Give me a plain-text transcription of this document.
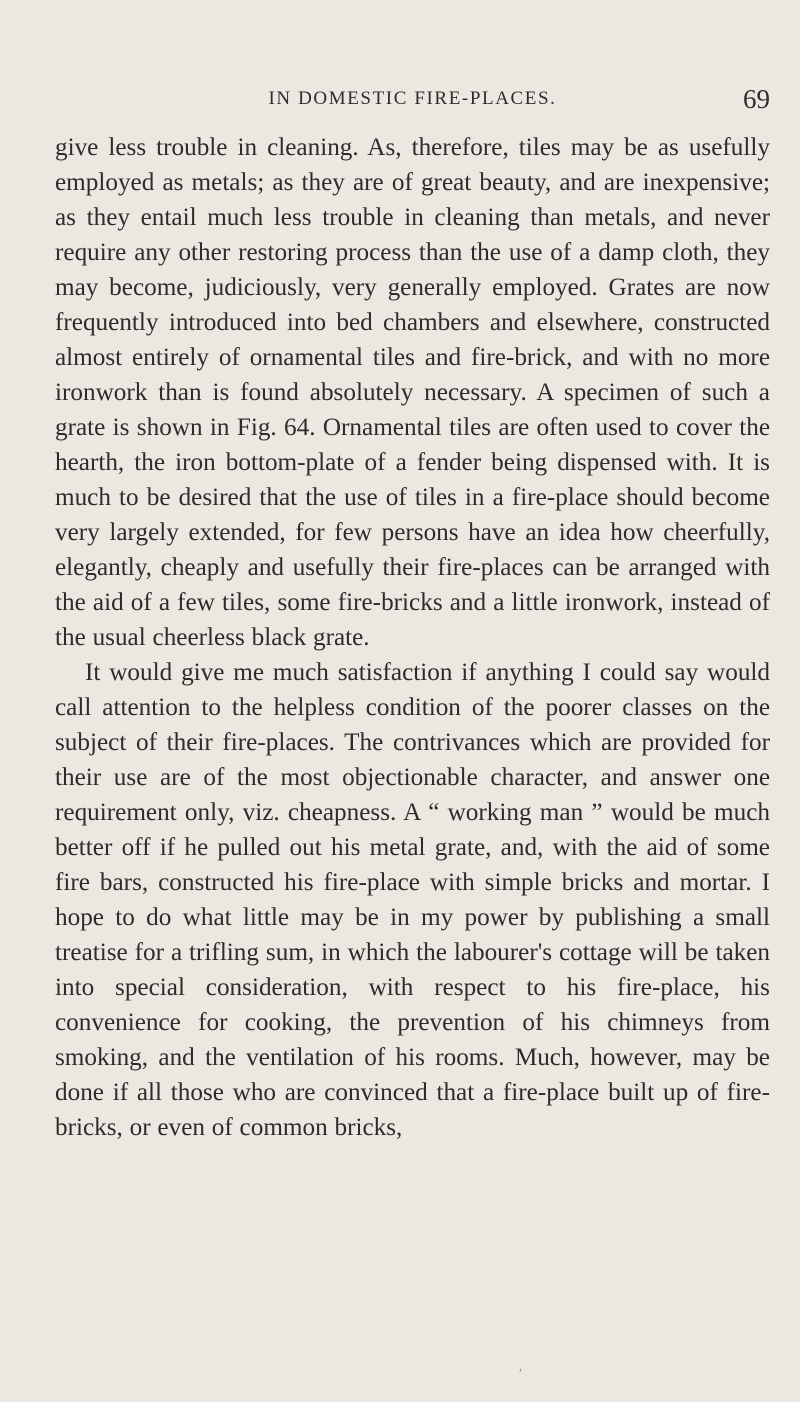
IN DOMESTIC FIRE-PLACES.	69

give less trouble in cleaning. As, therefore, tiles may be as usefully employed as metals; as they are of great beauty, and are inexpensive; as they entail much less trouble in cleaning than metals, and never require any other restoring process than the use of a damp cloth, they may become, judiciously, very generally employed. Grates are now frequently introduced into bed chambers and elsewhere, constructed almost entirely of ornamental tiles and fire-brick, and with no more ironwork than is found absolutely necessary. A specimen of such a grate is shown in Fig. 64. Ornamental tiles are often used to cover the hearth, the iron bottom-plate of a fender being dispensed with. It is much to be desired that the use of tiles in a fire-place should become very largely extended, for few persons have an idea how cheerfully, elegantly, cheaply and usefully their fire-places can be arranged with the aid of a few tiles, some fire-bricks and a little ironwork, instead of the usual cheerless black grate.

It would give me much satisfaction if anything I could say would call attention to the helpless condition of the poorer classes on the subject of their fire-places. The contrivances which are provided for their use are of the most objectionable character, and answer one requirement only, viz. cheapness. A “ working man ” would be much better off if he pulled out his metal grate, and, with the aid of some fire bars, constructed his fire-place with simple bricks and mortar. I hope to do what little may be in my power by publishing a small treatise for a trifling sum, in which the labourer's cottage will be taken into special consideration, with respect to his fire-place, his convenience for cooking, the prevention of his chimneys from smoking, and the ventilation of his rooms. Much, however, may be done if all those who are convinced that a fire-place built up of fire-bricks, or even of common bricks,

′
